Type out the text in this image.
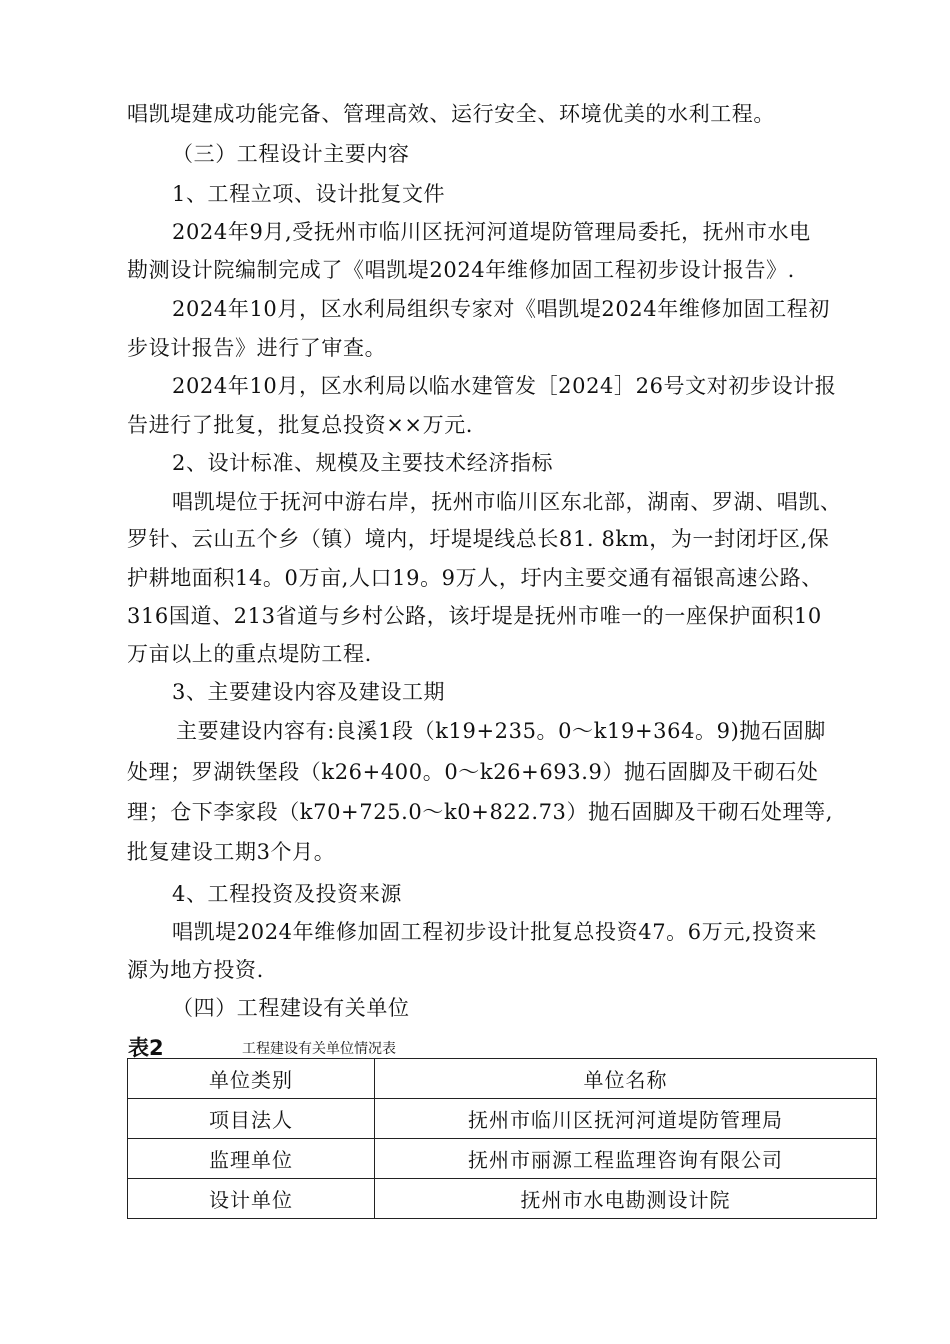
唱凯堤建成功能完备、管理高效、运行安全、环境优美的水利工程。
（三）工程设计主要内容
1、工程立项、设计批复文件
2024年9月,受抚州市临川区抚河河道堤防管理局委托，抚州市水电
勘测设计院编制完成了《唱凯堤2024年维修加固工程初步设计报告》.
2024年10月，区水利局组织专家对《唱凯堤2024年维修加固工程初
步设计报告》进行了审查。
2024年10月，区水利局以临水建管发［2024］26号文对初步设计报
告进行了批复，批复总投资××万元.
2、设计标准、规模及主要技术经济指标
唱凯堤位于抚河中游右岸，抚州市临川区东北部，湖南、罗湖、唱凯、
罗针、云山五个乡（镇）境内，圩堤堤线总长81. 8km，为一封闭圩区,保
护耕地面积14。0万亩,人口19。9万人，圩内主要交通有福银高速公路、
316国道、213省道与乡村公路，该圩堤是抚州市唯一的一座保护面积10
万亩以上的重点堤防工程.
3、主要建设内容及建设工期
主要建设内容有:良溪1段（k19+235。0～k19+364。9)抛石固脚
处理；罗湖铁堡段（k26+400。0～k26+693.9）抛石固脚及干砌石处
理；仓下李家段（k70+725.0～k0+822.73）抛石固脚及干砌石处理等,
批复建设工期3个月。
4、工程投资及投资来源
唱凯堤2024年维修加固工程初步设计批复总投资47。6万元,投资来
源为地方投资.
（四）工程建设有关单位
表2	工程建设有关单位情况表
单位类别	单位名称
项目法人	抚州市临川区抚河河道堤防管理局
监理单位	抚州市丽源工程监理咨询有限公司
设计单位	抚州市水电勘测设计院
